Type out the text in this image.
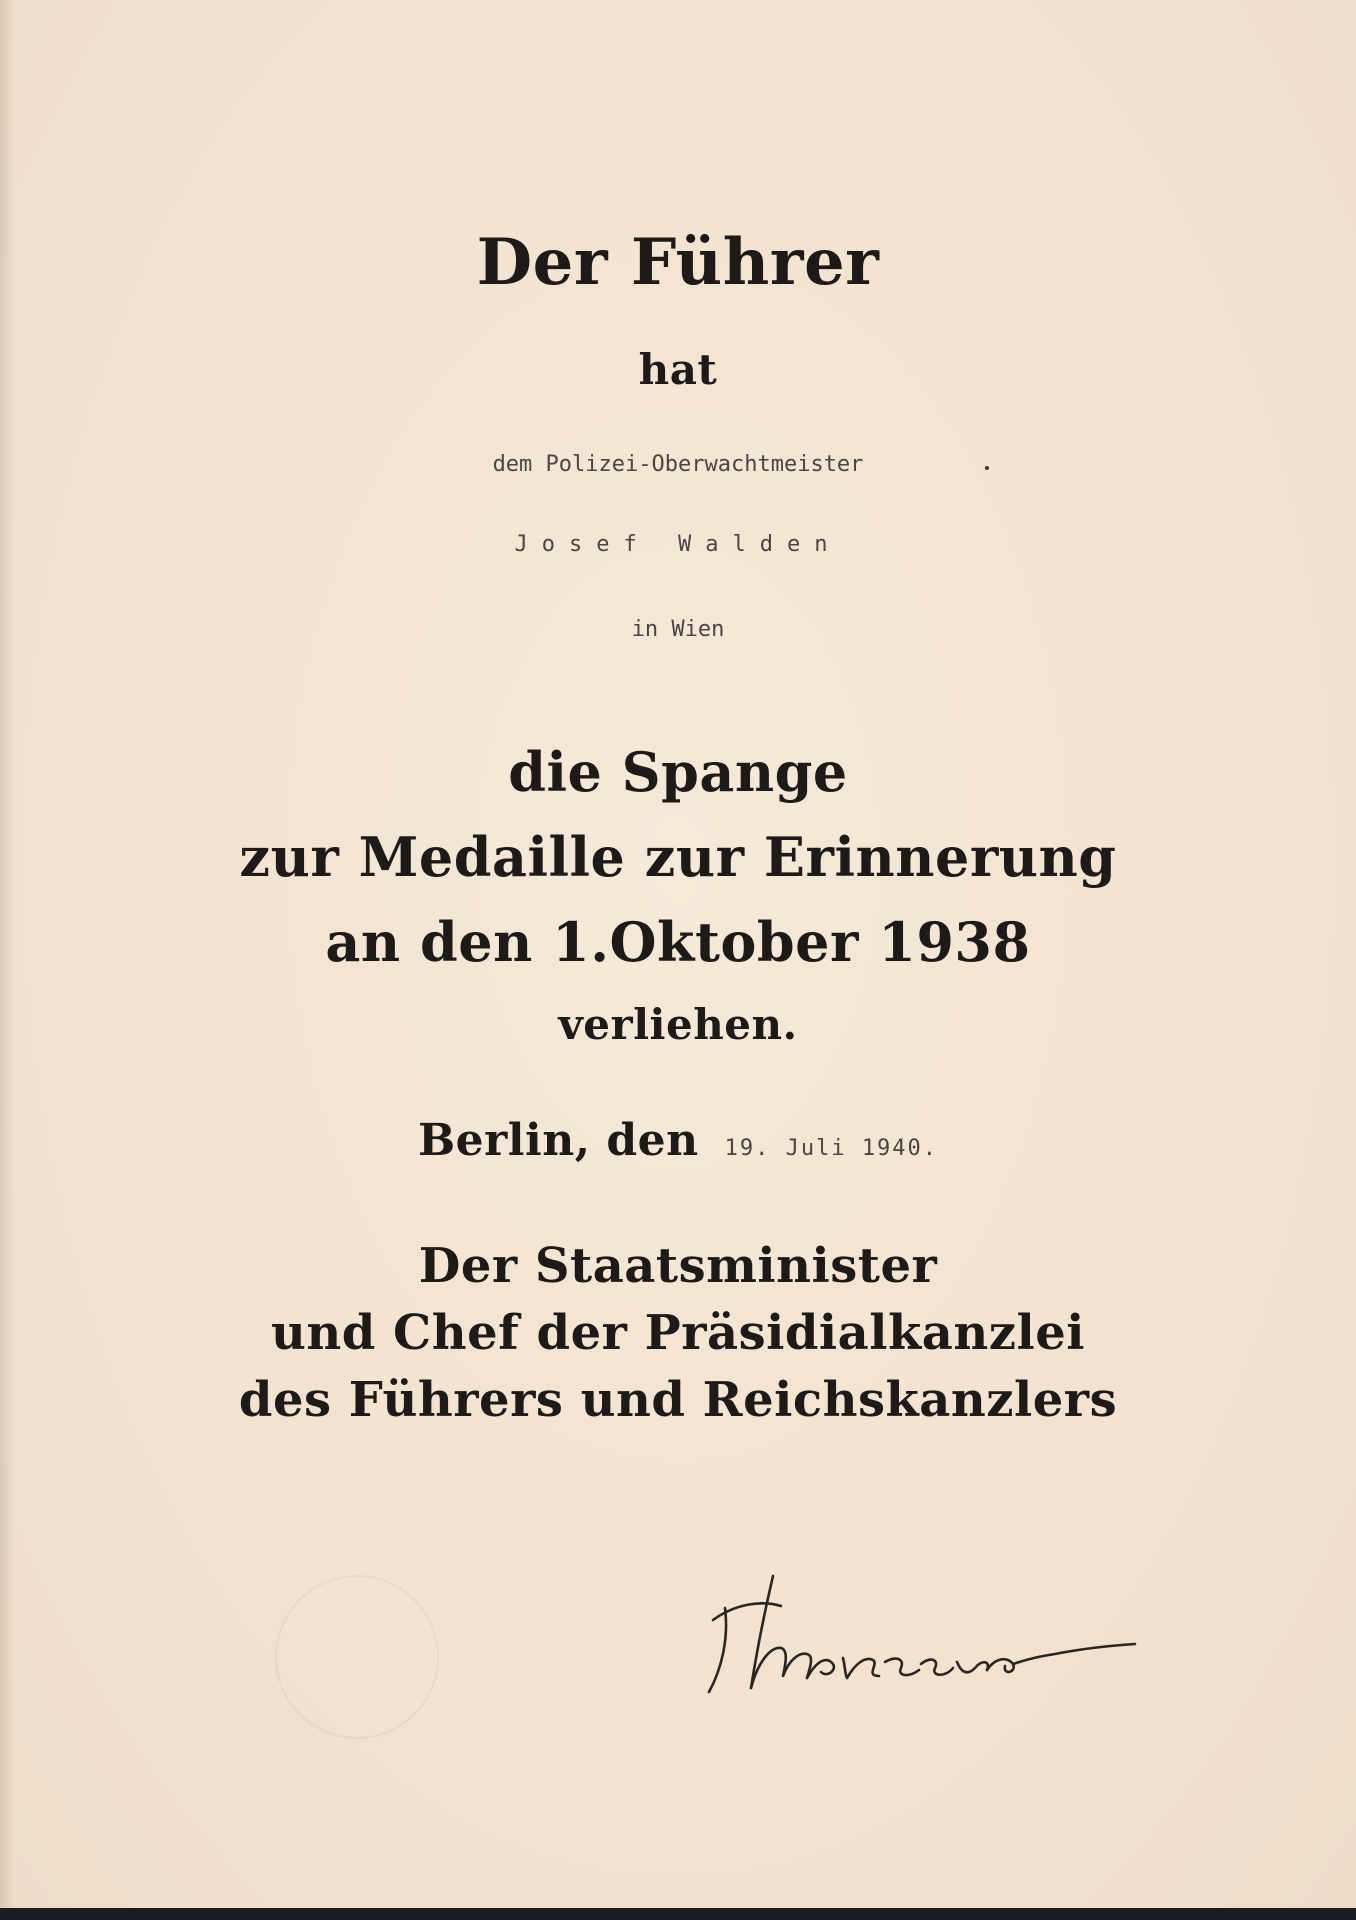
Der Führer
hat
dem Polizei-Oberwachtmeister
Josef Walden
in Wien
die Spange
zur Medaille zur Erinnerung
an den 1.Oktober 1938
verliehen.
Berlin, den 19. Juli 1940.
Der Staatsminister
und Chef der Präsidialkanzlei
des Führers und Reichskanzlers
